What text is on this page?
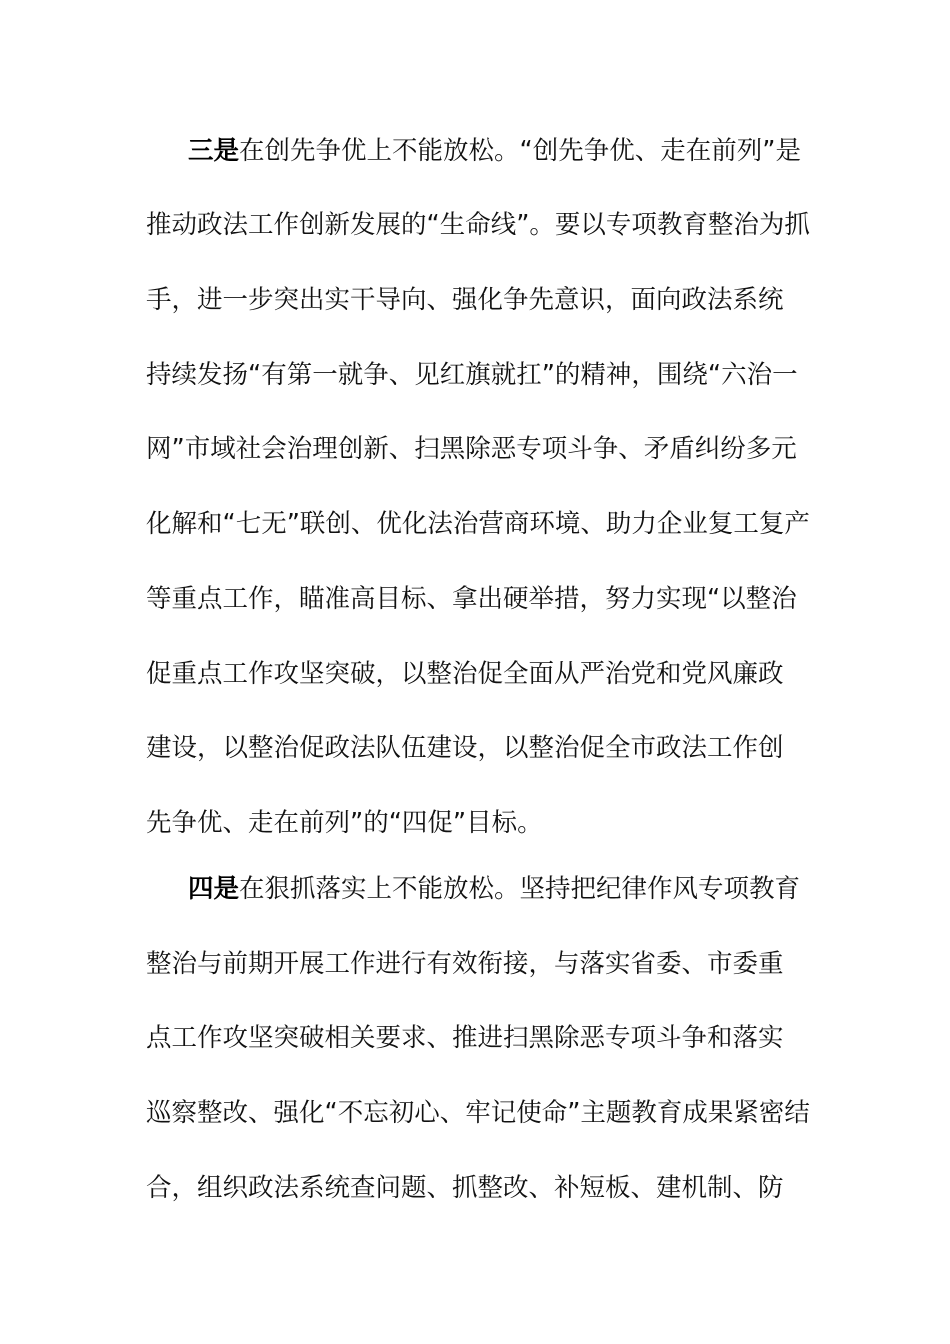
三是在创先争优上不能放松。“创先争优、走在前列”是
推动政法工作创新发展的“生命线”。要以专项教育整治为抓
手，进一步突出实干导向、强化争先意识，面向政法系统
持续发扬“有第一就争、见红旗就扛”的精神，围绕“六治一
网”市域社会治理创新、扫黑除恶专项斗争、矛盾纠纷多元
化解和“七无”联创、优化法治营商环境、助力企业复工复产
等重点工作，瞄准高目标、拿出硬举措，努力实现“以整治
促重点工作攻坚突破，以整治促全面从严治党和党风廉政
建设，以整治促政法队伍建设，以整治促全市政法工作创
先争优、走在前列”的“四促”目标。
四是在狠抓落实上不能放松。坚持把纪律作风专项教育
整治与前期开展工作进行有效衔接，与落实省委、市委重
点工作攻坚突破相关要求、推进扫黑除恶专项斗争和落实
巡察整改、强化“不忘初心、牢记使命”主题教育成果紧密结
合，组织政法系统查问题、抓整改、补短板、建机制、防
